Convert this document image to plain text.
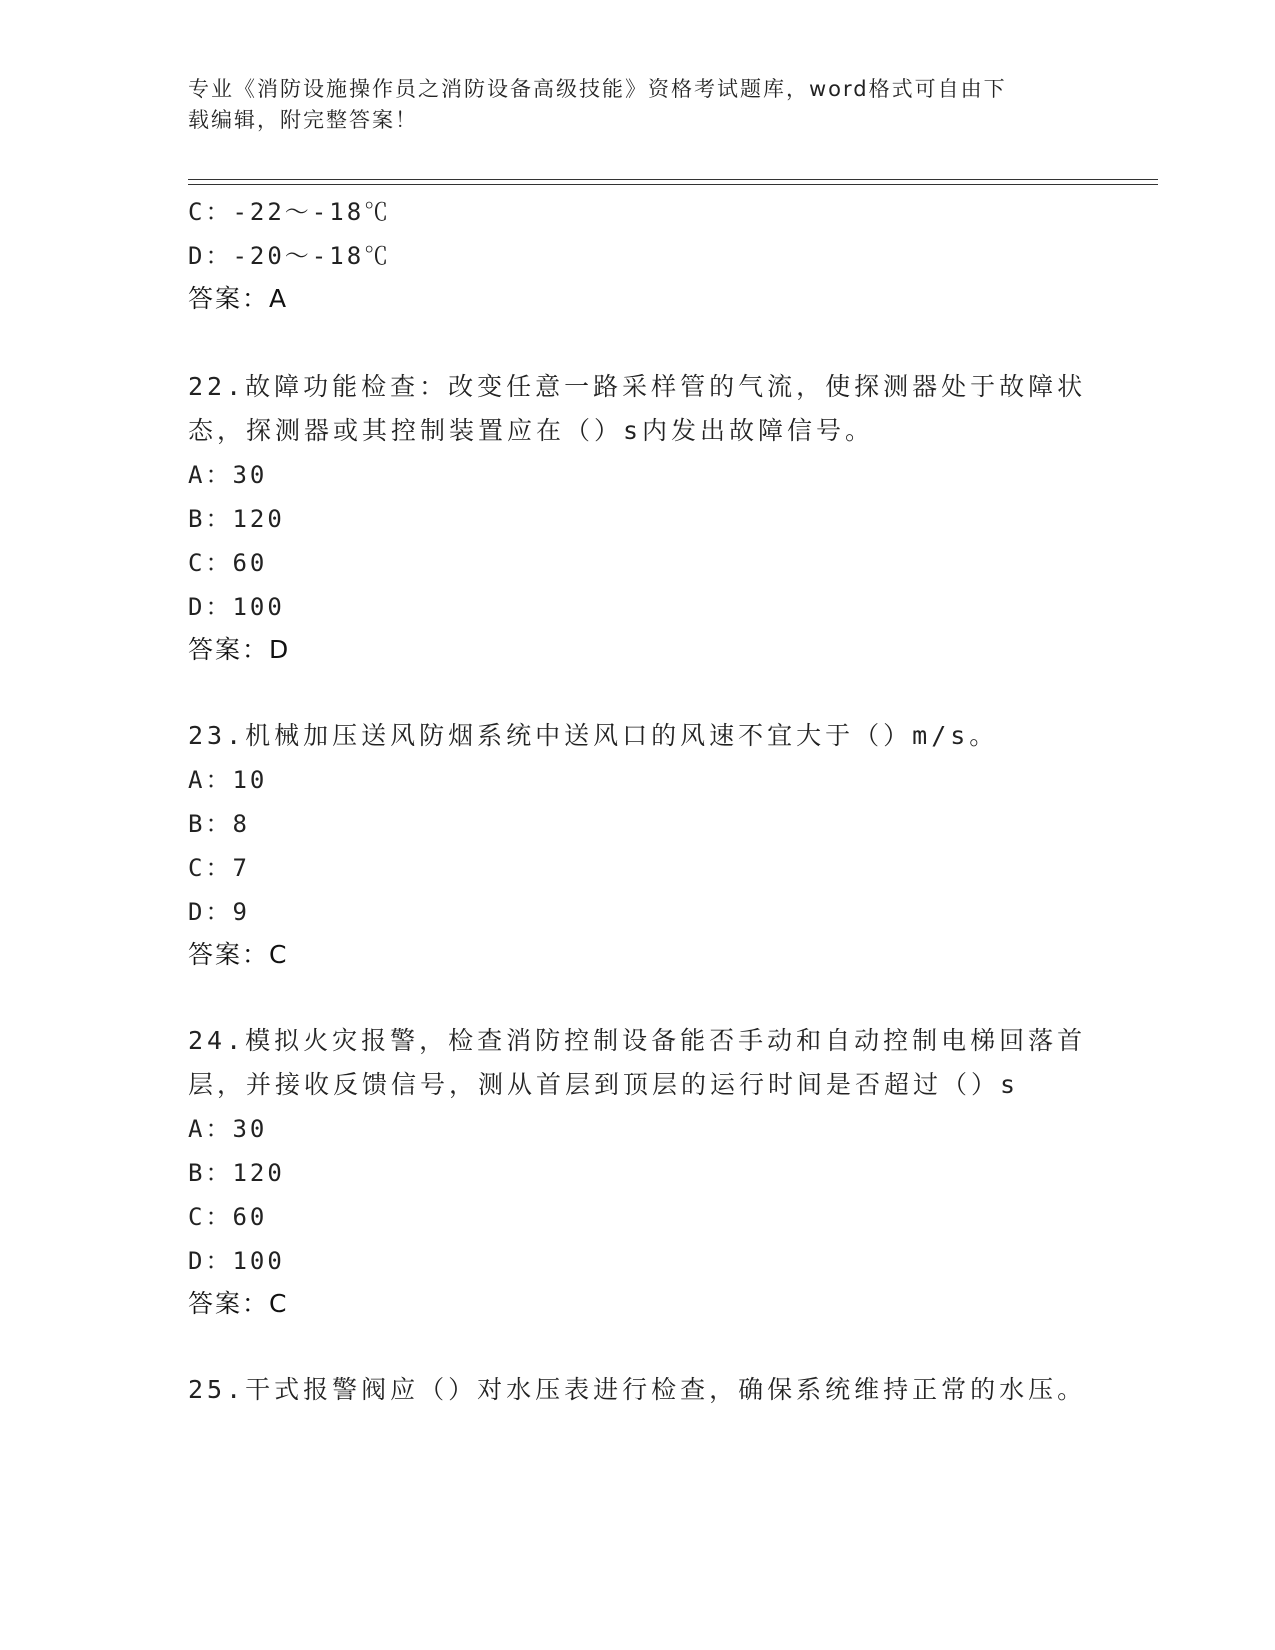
专业《消防设施操作员之消防设备高级技能》资格考试题库，word格式可自由下
载编辑，附完整答案！
C：-22～-18℃
D：-20～-18℃
答案：A
22.故障功能检查：改变任意一路采样管的气流，使探测器处于故障状
态，探测器或其控制装置应在（）s内发出故障信号。
A：30
B：120
C：60
D：100
答案：D
23.机械加压送风防烟系统中送风口的风速不宜大于（）m/s。
A：10
B：8
C：7
D：9
答案：C
24.模拟火灾报警，检查消防控制设备能否手动和自动控制电梯回落首
层，并接收反馈信号，测从首层到顶层的运行时间是否超过（）s
A：30
B：120
C：60
D：100
答案：C
25.干式报警阀应（）对水压表进行检查，确保系统维持正常的水压。
